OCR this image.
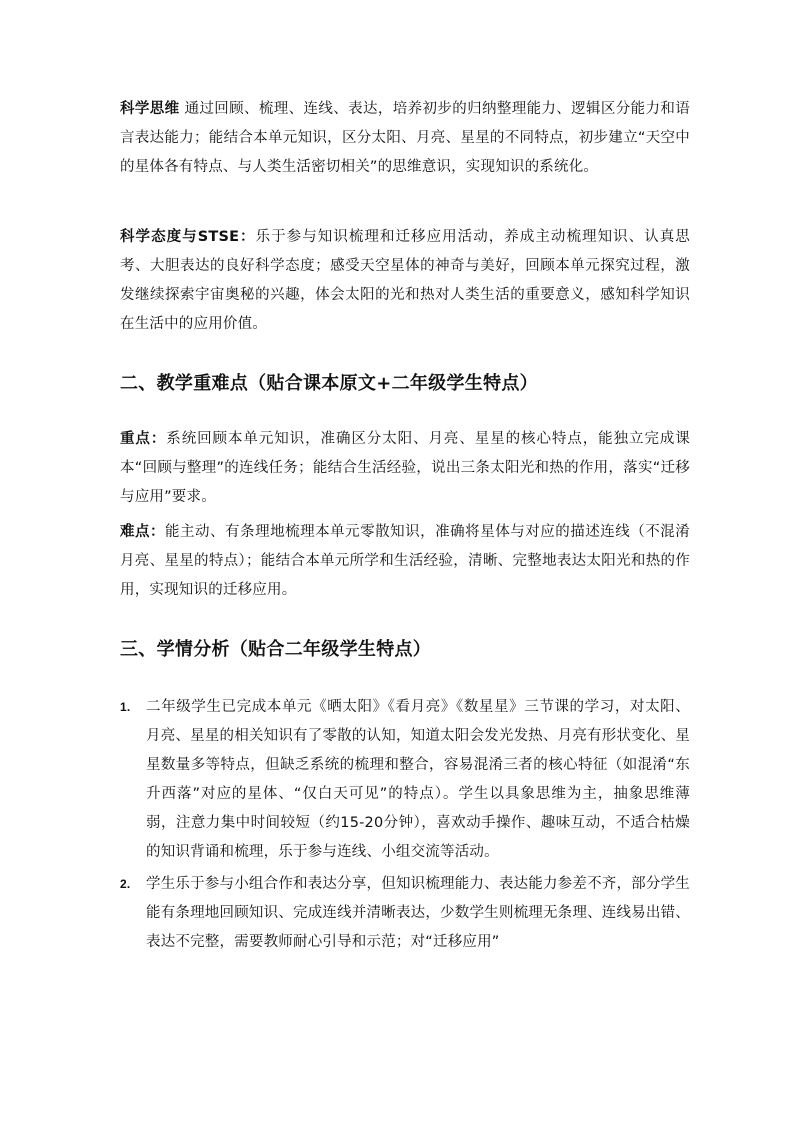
科学思维 通过回顾、梳理、连线、表达，培养初步的归纳整理能力、逻辑区分能力和语言表达能力；能结合本单元知识，区分太阳、月亮、星星的不同特点，初步建立“天空中的星体各有特点、与人类生活密切相关”的思维意识，实现知识的系统化。

科学态度与STSE：乐于参与知识梳理和迁移应用活动，养成主动梳理知识、认真思考、大胆表达的良好科学态度；感受天空星体的神奇与美好，回顾本单元探究过程，激发继续探索宇宙奥秘的兴趣，体会太阳的光和热对人类生活的重要意义，感知科学知识在生活中的应用价值。

二、教学重难点（贴合课本原文+二年级学生特点）

重点：系统回顾本单元知识，准确区分太阳、月亮、星星的核心特点，能独立完成课本“回顾与整理”的连线任务；能结合生活经验，说出三条太阳光和热的作用，落实“迁移与应用”要求。

难点：能主动、有条理地梳理本单元零散知识，准确将星体与对应的描述连线（不混淆月亮、星星的特点）；能结合本单元所学和生活经验，清晰、完整地表达太阳光和热的作用，实现知识的迁移应用。

三、学情分析（贴合二年级学生特点）
1. 二年级学生已完成本单元《晒太阳》《看月亮》《数星星》三节课的学习，对太阳、月亮、星星的相关知识有了零散的认知，知道太阳会发光发热、月亮有形状变化、星星数量多等特点，但缺乏系统的梳理和整合，容易混淆三者的核心特征（如混淆“东升西落”对应的星体、“仅白天可见”的特点）。学生以具象思维为主，抽象思维薄弱，注意力集中时间较短（约15-20分钟），喜欢动手操作、趣味互动，不适合枯燥的知识背诵和梳理，乐于参与连线、小组交流等活动。
2. 学生乐于参与小组合作和表达分享，但知识梳理能力、表达能力参差不齐，部分学生能有条理地回顾知识、完成连线并清晰表达，少数学生则梳理无条理、连线易出错、表达不完整，需要教师耐心引导和示范；对“迁移应用”
